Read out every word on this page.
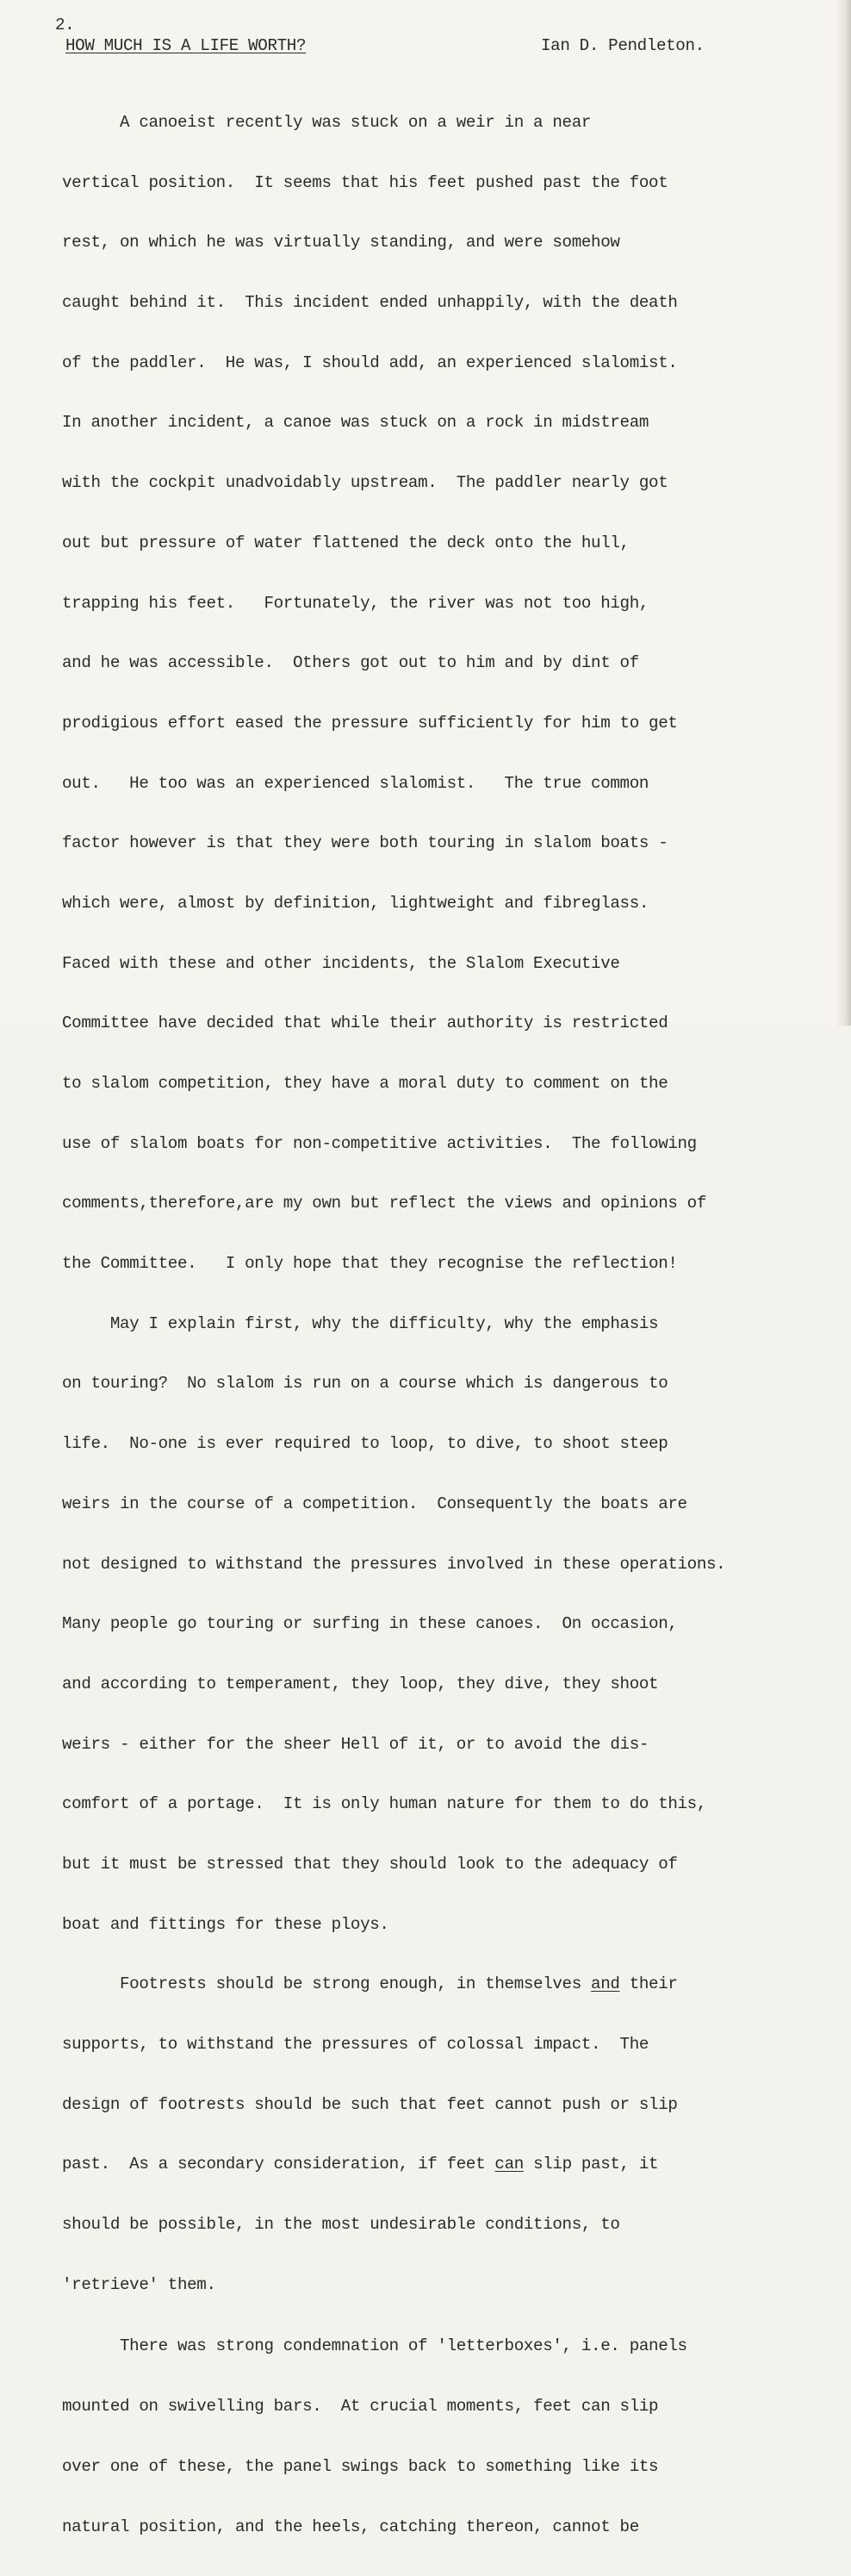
2.
HOW MUCH IS A LIFE WORTH?	Ian D. Pendleton.

A canoeist recently was stuck on a weir in a near

vertical position.  It seems that his feet pushed past the foot

rest, on which he was virtually standing, and were somehow

caught behind it.  This incident ended unhappily, with the death

of the paddler.  He was, I should add, an experienced slalomist.

In another incident, a canoe was stuck on a rock in midstream

with the cockpit unadvoidably upstream.  The paddler nearly got

out but pressure of water flattened the deck onto the hull,

trapping his feet.   Fortunately, the river was not too high,

and he was accessible.  Others got out to him and by dint of

prodigious effort eased the pressure sufficiently for him to get

out.   He too was an experienced slalomist.   The true common

factor however is that they were both touring in slalom boats -

which were, almost by definition, lightweight and fibreglass.

Faced with these and other incidents, the Slalom Executive

Committee have decided that while their authority is restricted

to slalom competition, they have a moral duty to comment on the

use of slalom boats for non-competitive activities.  The following

comments,therefore,are my own but reflect the views and opinions of

the Committee.   I only hope that they recognise the reflection!

May I explain first, why the difficulty, why the emphasis

on touring?  No slalom is run on a course which is dangerous to

life.  No-one is ever required to loop, to dive, to shoot steep

weirs in the course of a competition.  Consequently the boats are

not designed to withstand the pressures involved in these operations.

Many people go touring or surfing in these canoes.  On occasion,

and according to temperament, they loop, they dive, they shoot

weirs - either for the sheer Hell of it, or to avoid the dis-

comfort of a portage.  It is only human nature for them to do this,

but it must be stressed that they should look to the adequacy of

boat and fittings for these ploys.

Footrests should be strong enough, in themselves and their

supports, to withstand the pressures of colossal impact.  The

design of footrests should be such that feet cannot push or slip

past.  As a secondary consideration, if feet can slip past, it

should be possible, in the most undesirable conditions, to

'retrieve' them.

There was strong condemnation of 'letterboxes', i.e. panels

mounted on swivelling bars.  At crucial moments, feet can slip

over one of these, the panel swings back to something like its

natural position, and the heels, catching thereon, cannot be
